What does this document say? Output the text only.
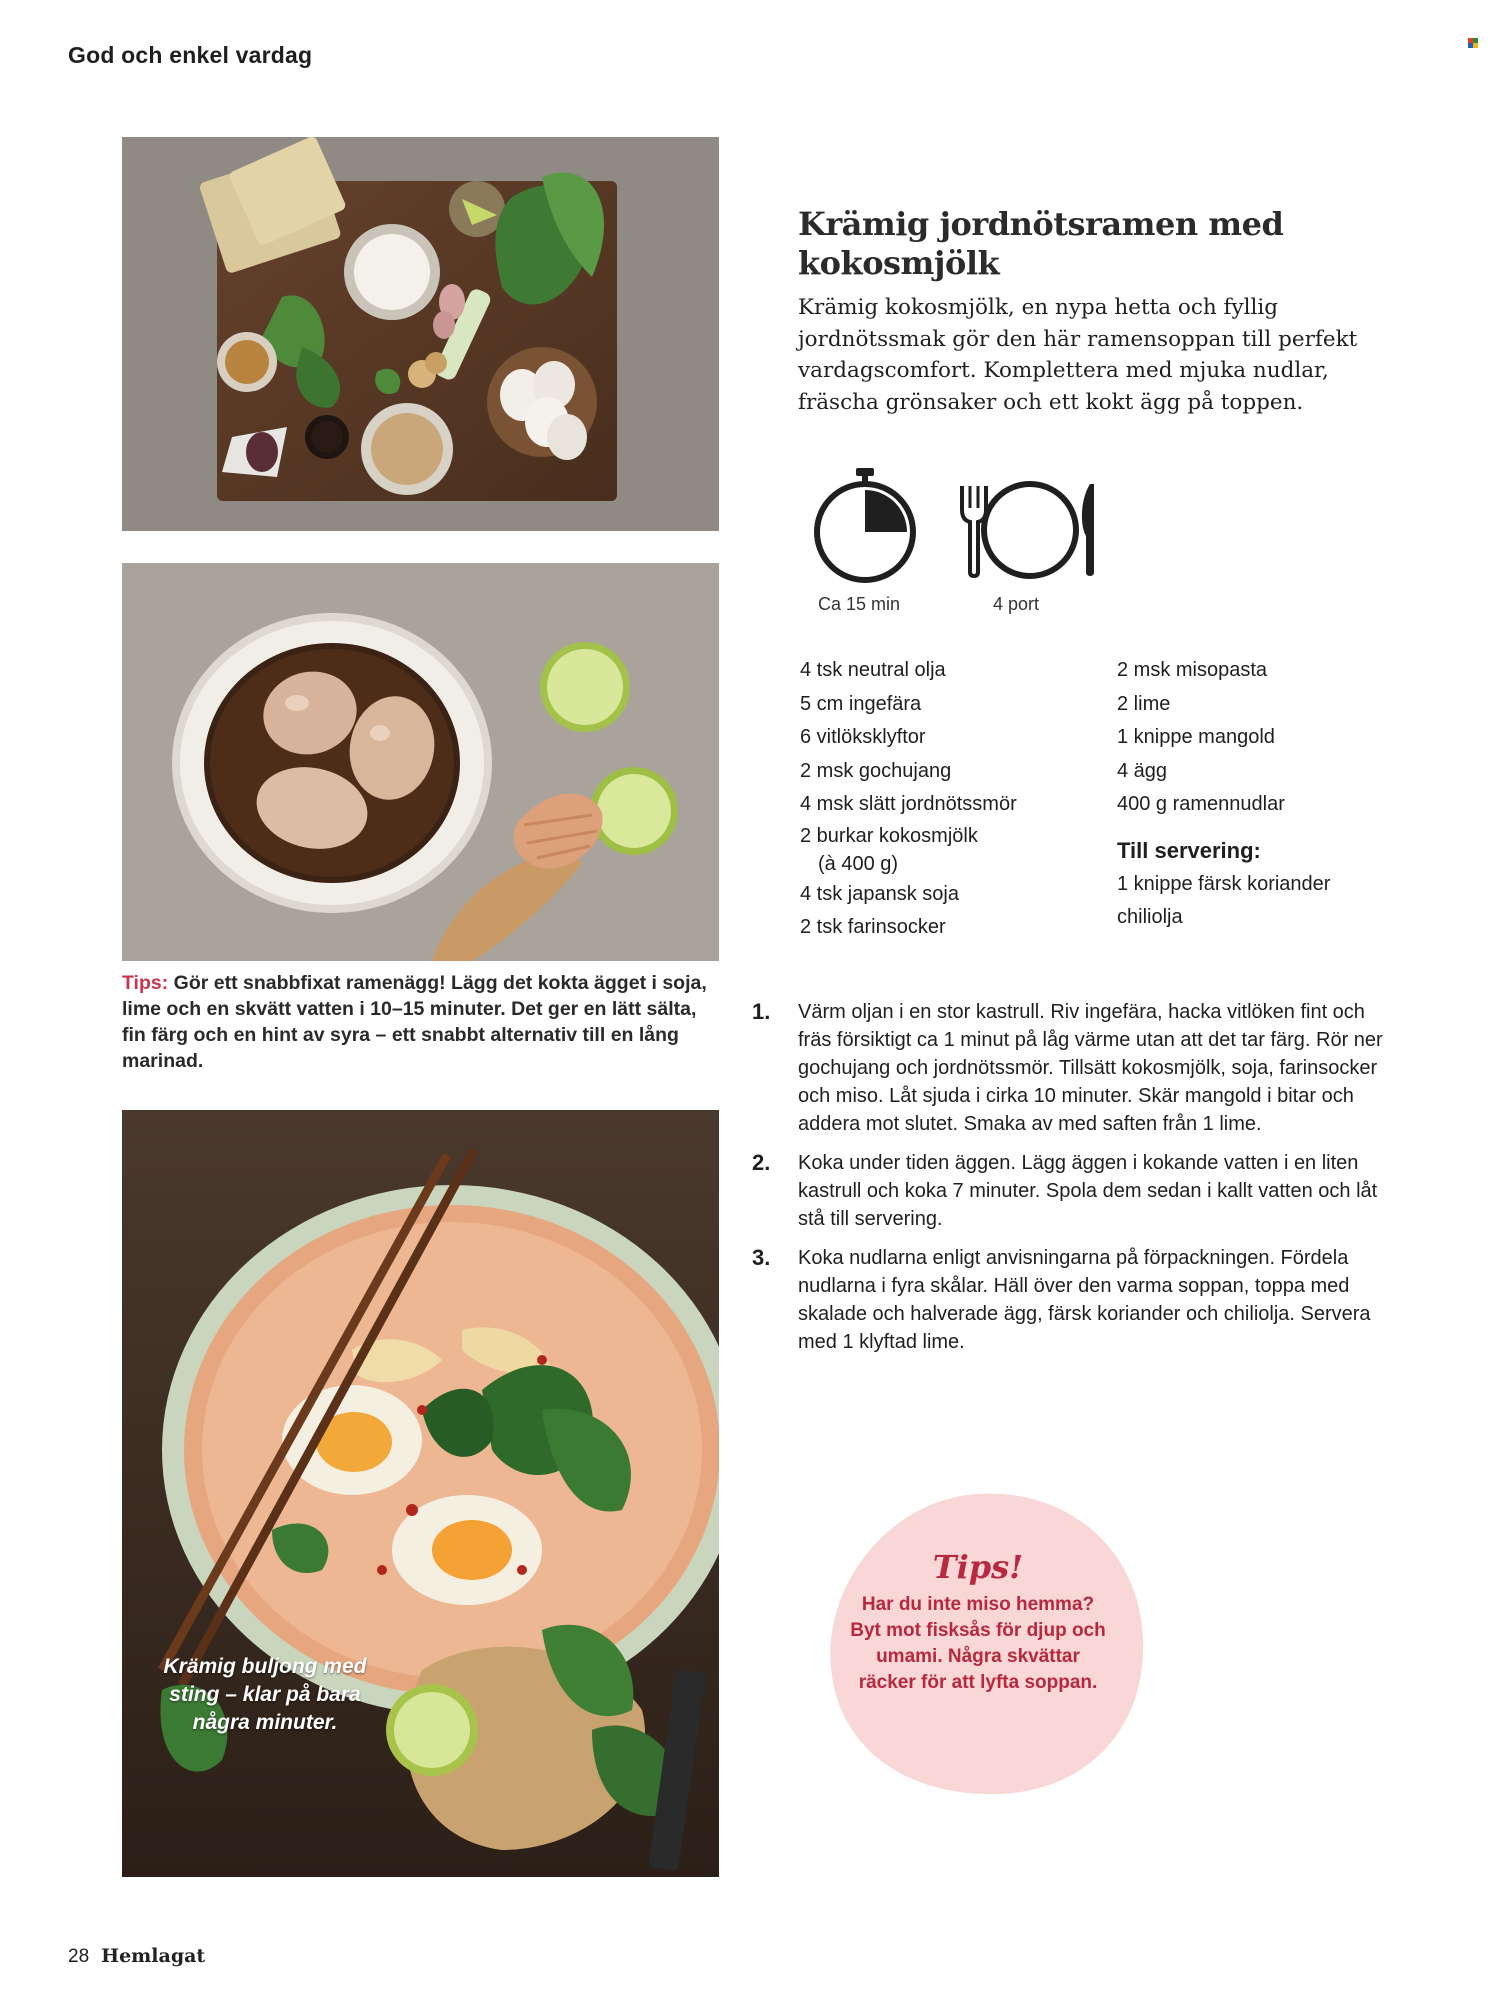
God och enkel vardag
Tips: Gör ett snabbfixat ramenägg! Lägg det kokta ägget i soja, lime och en skvätt vatten i 10–15 minuter. Det ger en lätt sälta, fin färg och en hint av syra – ett snabbt alternativ till en lång marinad.
Krämig buljong med sting – klar på bara några minuter.
Krämig jordnötsramen med kokosmjölk
Krämig kokosmjölk, en nypa hetta och fyllig jordnötssmak gör den här ramensoppan till perfekt vardagscomfort. Komplettera med mjuka nudlar, fräscha grönsaker och ett kokt ägg på toppen.
Ca 15 min	4 port
4 tsk neutral olja
5 cm ingefära
6 vitlöksklyftor
2 msk gochujang
4 msk slätt jordnötssmör
2 burkar kokosmjölk
(à 400 g)
4 tsk japansk soja
2 tsk farinsocker
2 msk misopasta
2 lime
1 knippe mangold
4 ägg
400 g ramennudlar
Till servering:
1 knippe färsk koriander
chiliolja
1.	Värm oljan i en stor kastrull. Riv ingefära, hacka vitlöken fint och fräs försiktigt ca 1 minut på låg värme utan att det tar färg. Rör ner gochujang och jordnötssmör. Tillsätt kokosmjölk, soja, farinsocker och miso. Låt sjuda i cirka 10 minuter. Skär mangold i bitar och addera mot slutet. Smaka av med saften från 1 lime.
2.	Koka under tiden äggen. Lägg äggen i kokande vatten i en liten kastrull och koka 7 minuter. Spola dem sedan i kallt vatten och låt stå till servering.
3.	Koka nudlarna enligt anvisningarna på förpackningen. Fördela nudlarna i fyra skålar. Häll över den varma soppan, toppa med skalade och halverade ägg, färsk koriander och chiliolja. Servera med 1 klyftad lime.
Tips!
Har du inte miso hemma? Byt mot fisksås för djup och umami. Några skvättar räcker för att lyfta soppan.
28 Hemlagat
